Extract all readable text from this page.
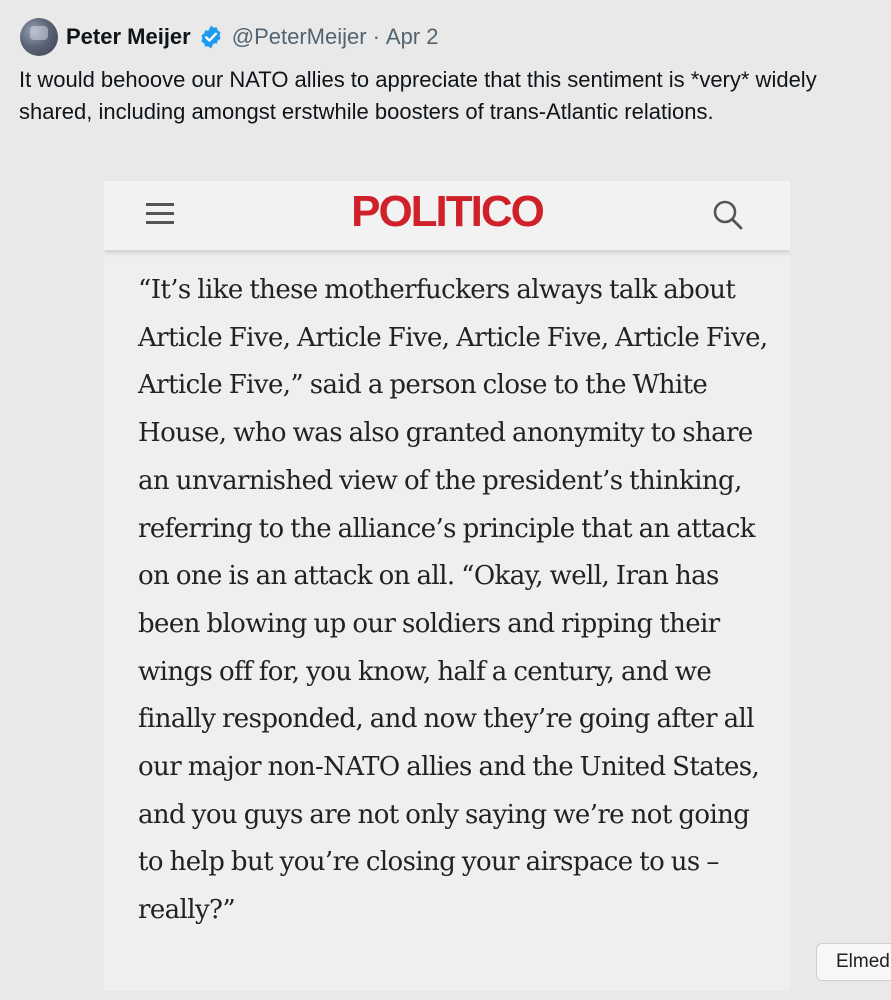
Peter Meijer @PeterMeijer · Apr 2

It would behoove our NATO allies to appreciate that this sentiment is *very* widely shared, including amongst erstwhile boosters of trans-Atlantic relations.

POLITICO

“It’s like these motherfuckers always talk about Article Five, Article Five, Article Five, Article Five, Article Five,” said a person close to the White House, who was also granted anonymity to share an unvarnished view of the president’s thinking, referring to the alliance’s principle that an attack on one is an attack on all. “Okay, well, Iran has been blowing up our soldiers and ripping their wings off for, you know, half a century, and we finally responded, and now they’re going after all our major non-NATO allies and the United States, and you guys are not only saying we’re not going to help but you’re closing your airspace to us – really?”

Elmed
